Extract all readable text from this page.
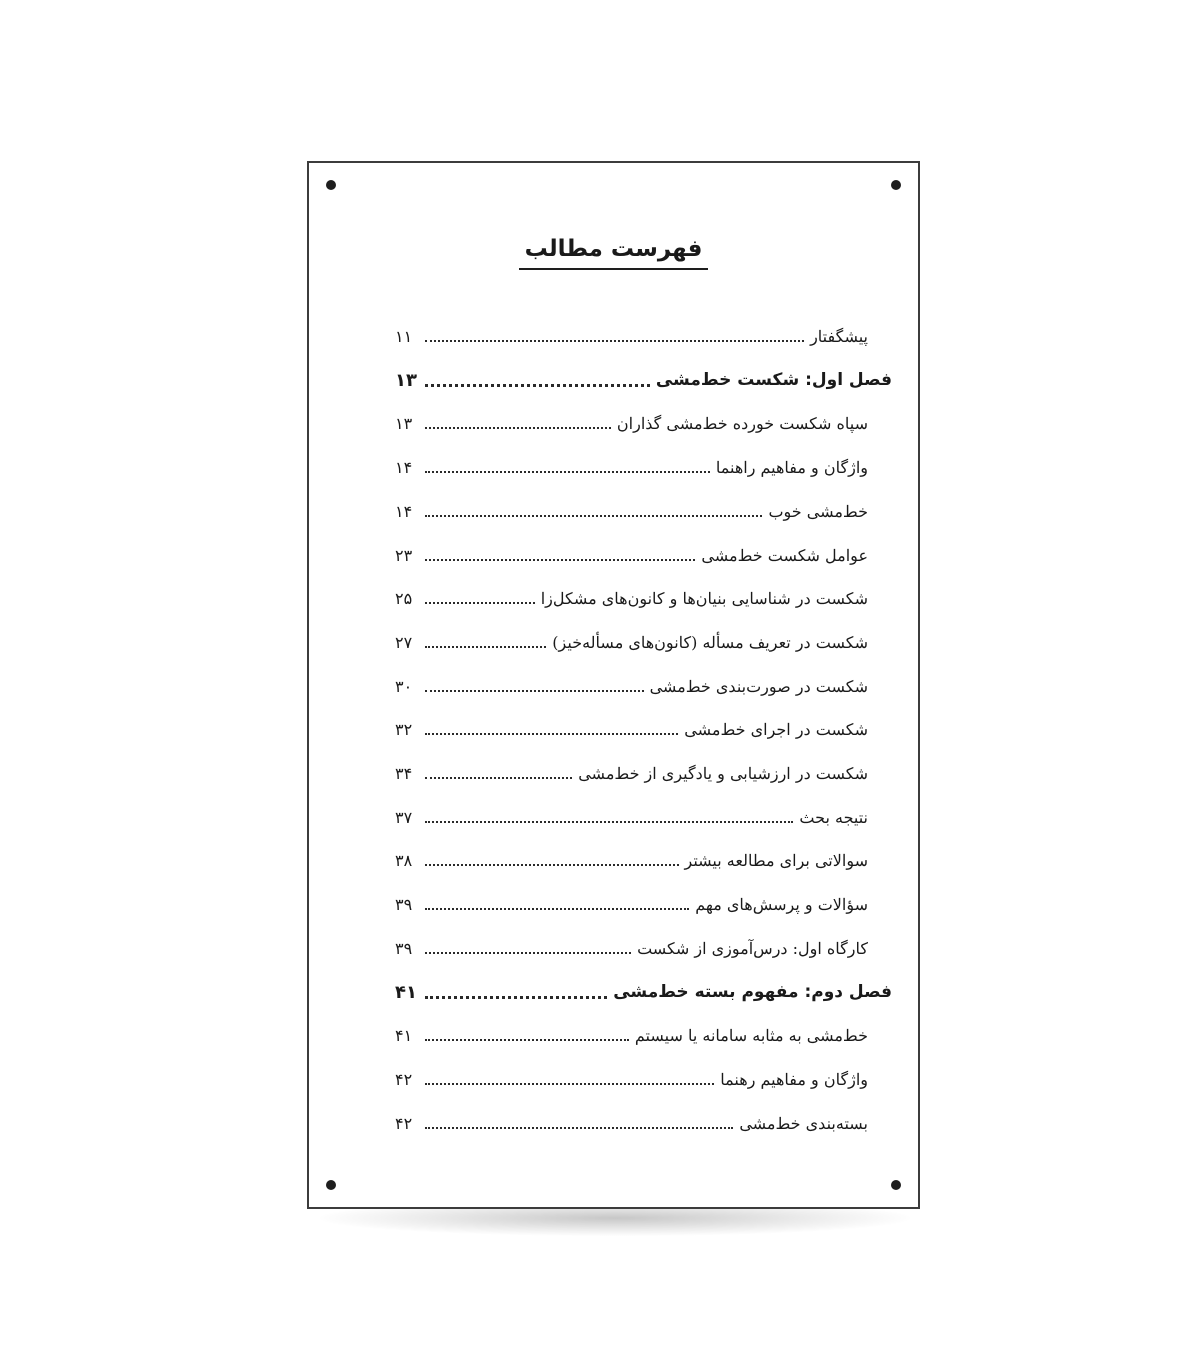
فهرست مطالب
پیشگفتار
۱۱
فصل اول: شکست خط‌مشی
۱۳
سپاه شکست خورده خط‌مشی گذاران
۱۳
واژگان و مفاهیم راهنما
۱۴
خط‌مشی خوب
۱۴
عوامل شکست خط‌مشی
۲۳
شکست در شناسایی بنیان‌ها و کانون‌های مشکل‌زا
۲۵
شکست در تعریف مسأله (کانون‌های مسأله‌خیز)
۲۷
شکست در صورت‌بندی خط‌مشی
۳۰
شکست در اجرای خط‌مشی
۳۲
شکست در ارزشیابی و یادگیری از خط‌مشی
۳۴
نتیجه بحث
۳۷
سوالاتی برای مطالعه بیشتر
۳۸
سؤالات و پرسش‌های مهم
۳۹
کارگاه اول: درس‌آموزی از شکست
۳۹
فصل دوم: مفهوم بسته خط‌مشی
۴۱
خط‌مشی به مثابه سامانه یا سیستم
۴۱
واژگان و مفاهیم رهنما
۴۲
بسته‌بندی خط‌مشی
۴۲
